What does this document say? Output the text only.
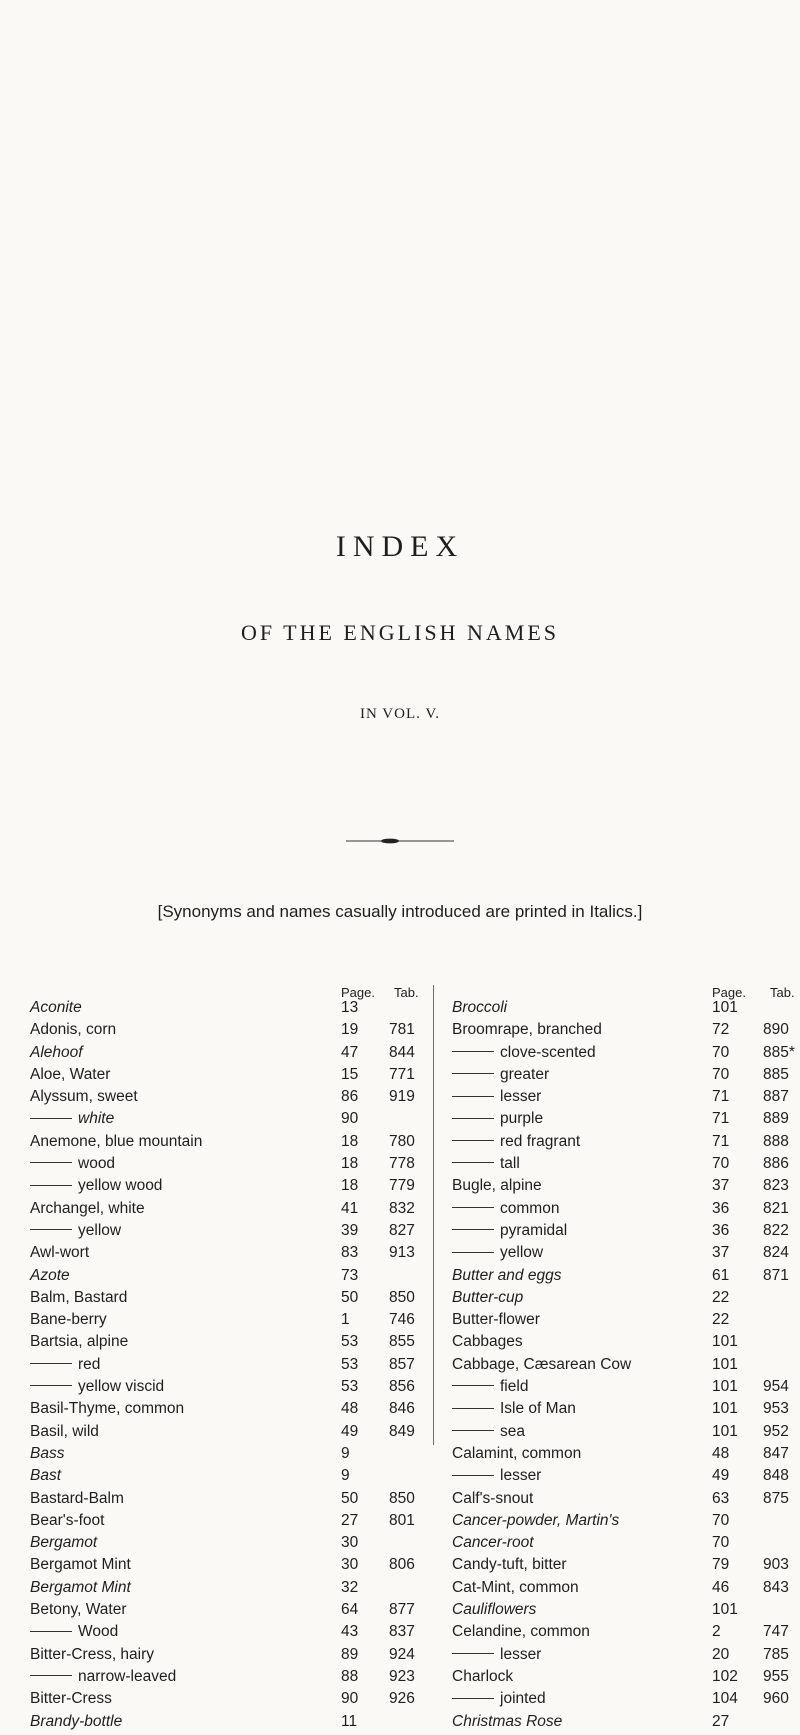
INDEX
OF THE ENGLISH NAMES
IN VOL. V.
[Synonyms and names casually introduced are printed in Italics.]
Page.	Tab.
Aconite	13
Adonis, corn	19	781
Alehoof	47	844
Aloe, Water	15	771
Alyssum, sweet	86	919
white	90
Anemone, blue mountain	18	780
wood	18	778
yellow wood	18	779
Archangel, white	41	832
yellow	39	827
Awl-wort	83	913
Azote	73
Balm, Bastard	50	850
Bane-berry	1	746
Bartsia, alpine	53	855
red	53	857
yellow viscid	53	856
Basil-Thyme, common	48	846
Basil, wild	49	849
Bass	9
Bast	9
Bastard-Balm	50	850
Bear's-foot	27	801
Bergamot	30
Bergamot Mint	30	806
Bergamot Mint	32
Betony, Water	64	877
Wood	43	837
Bitter-Cress, hairy	89	924
narrow-leaved	88	923
Bitter-Cress	90	926
Brandy-bottle	11
Page.	Tab.
Broccoli	101
Broomrape, branched	72	890
clove-scented	70	885*
greater	70	885
lesser	71	887
purple	71	889
red fragrant	71	888
tall	70	886
Bugle, alpine	37	823
common	36	821
pyramidal	36	822
yellow	37	824
Butter and eggs	61	871
Butter-cup	22
Butter-flower	22
Cabbages	101
Cabbage, Cæsarean Cow	101
field	101	954
Isle of Man	101	953
sea	101	952
Calamint, common	48	847
lesser	49	848
Calf's-snout	63	875
Cancer-powder, Martin's	70
Cancer-root	70
Candy-tuft, bitter	79	903
Cat-Mint, common	46	843
Cauliflowers	101
Celandine, common	2	747
lesser	20	785
Charlock	102	955
jointed	104	960
Christmas Rose	27
